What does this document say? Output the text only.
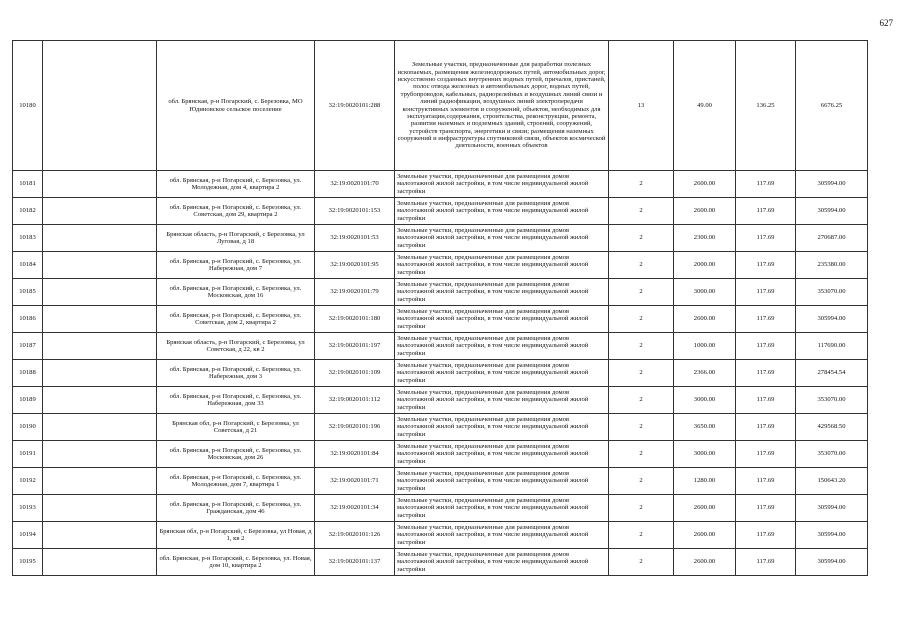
627
10180		обл. Брянская, р-н Погарский, с. Березовка, МО Юдиновское сельское поселение	32:19:0020101:288	Земельные участки, предназначенные для разработки полезных ископаемых, размещения железнодорожных путей, автомобильных дорог, искусственно созданных внутренних водных путей, причалов, пристаней, полос отвода железных и автомобильных дорог, водных путей, трубопроводов, кабельных, радиорелейных и воздушных линий связи и линий радиофикации, воздушных линий электропередачи конструктивных элементов и сооружений, объектов, необходимых для эксплуатации,содержания, строительства, реконструкции, ремонта, развития наземных и подземных зданий, строений, сооружений, устройств транспорта, энергетики и связи; размещения наземных сооружений и инфраструктуры спутниковой связи, объектов космической деятельности, военных объектов	13	49.00	136.25	6676.25
10181		обл. Брянская, р-н Погарский, с. Березовка, ул. Молодежная, дом 4, квартира 2	32:19:0020101:70	Земельные участки, предназначенные для размещения домов малоэтажной жилой застройки, в том числе индивидуальной жилой застройки	2	2600.00	117.69	305994.00
10182		обл. Брянская, р-н Погарский, с. Березовка, ул. Советская, дом 29, квартира 2	32:19:0020101:153	Земельные участки, предназначенные для размещения домов малоэтажной жилой застройки, в том числе индивидуальной жилой застройки	2	2600.00	117.69	305994.00
10183		Брянская область, р-н Погарский, с Березовка, ул Луговая, д 18	32:19:0020101:53	Земельные участки, предназначенные для размещения домов малоэтажной жилой застройки, в том числе индивидуальной жилой застройки	2	2300.00	117.69	270687.00
10184		обл. Брянская, р-н Погарский, с. Березовка, ул. Набережная, дом 7	32:19:0020101:95	Земельные участки, предназначенные для размещения домов малоэтажной жилой застройки, в том числе индивидуальной жилой застройки	2	2000.00	117.69	235380.00
10185		обл. Брянская, р-н Погарский, с. Березовка, ул. Московская, дом 16	32:19:0020101:79	Земельные участки, предназначенные для размещения домов малоэтажной жилой застройки, в том числе индивидуальной жилой застройки	2	3000.00	117.69	353070.00
10186		обл. Брянская, р-н Погарский, с. Березовка, ул. Советская, дом 2, квартира 2	32:19:0020101:180	Земельные участки, предназначенные для размещения домов малоэтажной жилой застройки, в том числе индивидуальной жилой застройки	2	2600.00	117.69	305994.00
10187		Брянская область, р-н Погарский, с Березовка, ул Советская, д 22, кв 2	32:19:0020101:197	Земельные участки, предназначенные для размещения домов малоэтажной жилой застройки, в том числе индивидуальной жилой застройки	2	1000.00	117.69	117690.00
10188		обл. Брянская, р-н Погарский, с. Березовка, ул. Набережная, дом 3	32:19:0020101:109	Земельные участки, предназначенные для размещения домов малоэтажной жилой застройки, в том числе индивидуальной жилой застройки	2	2366.00	117.69	278454.54
10189		обл. Брянская, р-н Погарский, с. Березовка, ул. Набережная, дом 33	32:19:0020101:112	Земельные участки, предназначенные для размещения домов малоэтажной жилой застройки, в том числе индивидуальной жилой застройки	2	3000.00	117.69	353070.00
10190		Брянская обл, р-н Погарский, с Березовка, ул Советская, д 21	32:19:0020101:196	Земельные участки, предназначенные для размещения домов малоэтажной жилой застройки, в том числе индивидуальной жилой застройки	2	3650.00	117.69	429568.50
10191		обл. Брянская, р-н Погарский, с. Березовка, ул. Московская, дом 26	32:19:0020101:84	Земельные участки, предназначенные для размещения домов малоэтажной жилой застройки, в том числе индивидуальной жилой застройки	2	3000.00	117.69	353070.00
10192		обл. Брянская, р-н Погарский, с. Березовка, ул. Молодежная, дом 7, квартира 1	32:19:0020101:71	Земельные участки, предназначенные для размещения домов малоэтажной жилой застройки, в том числе индивидуальной жилой застройки	2	1280.00	117.69	150643.20
10193		обл. Брянская, р-н Погарский, с. Березовка, ул. Гражданская, дом 46	32:19:0020101:34	Земельные участки, предназначенные для размещения домов малоэтажной жилой застройки, в том числе индивидуальной жилой застройки	2	2600.00	117.69	305994.00
10194		Брянская обл, р-н Погарский, с Березовка, ул Новая, д 1, кв 2	32:19:0020101:126	Земельные участки, предназначенные для размещения домов малоэтажной жилой застройки, в том числе индивидуальной жилой застройки	2	2600.00	117.69	305994.00
10195		обл. Брянская, р-н Погарский, с. Березовка, ул. Новая, дом 10, квартира 2	32:19:0020101:137	Земельные участки, предназначенные для размещения домов малоэтажной жилой застройки, в том числе индивидуальной жилой застройки	2	2600.00	117.69	305994.00
